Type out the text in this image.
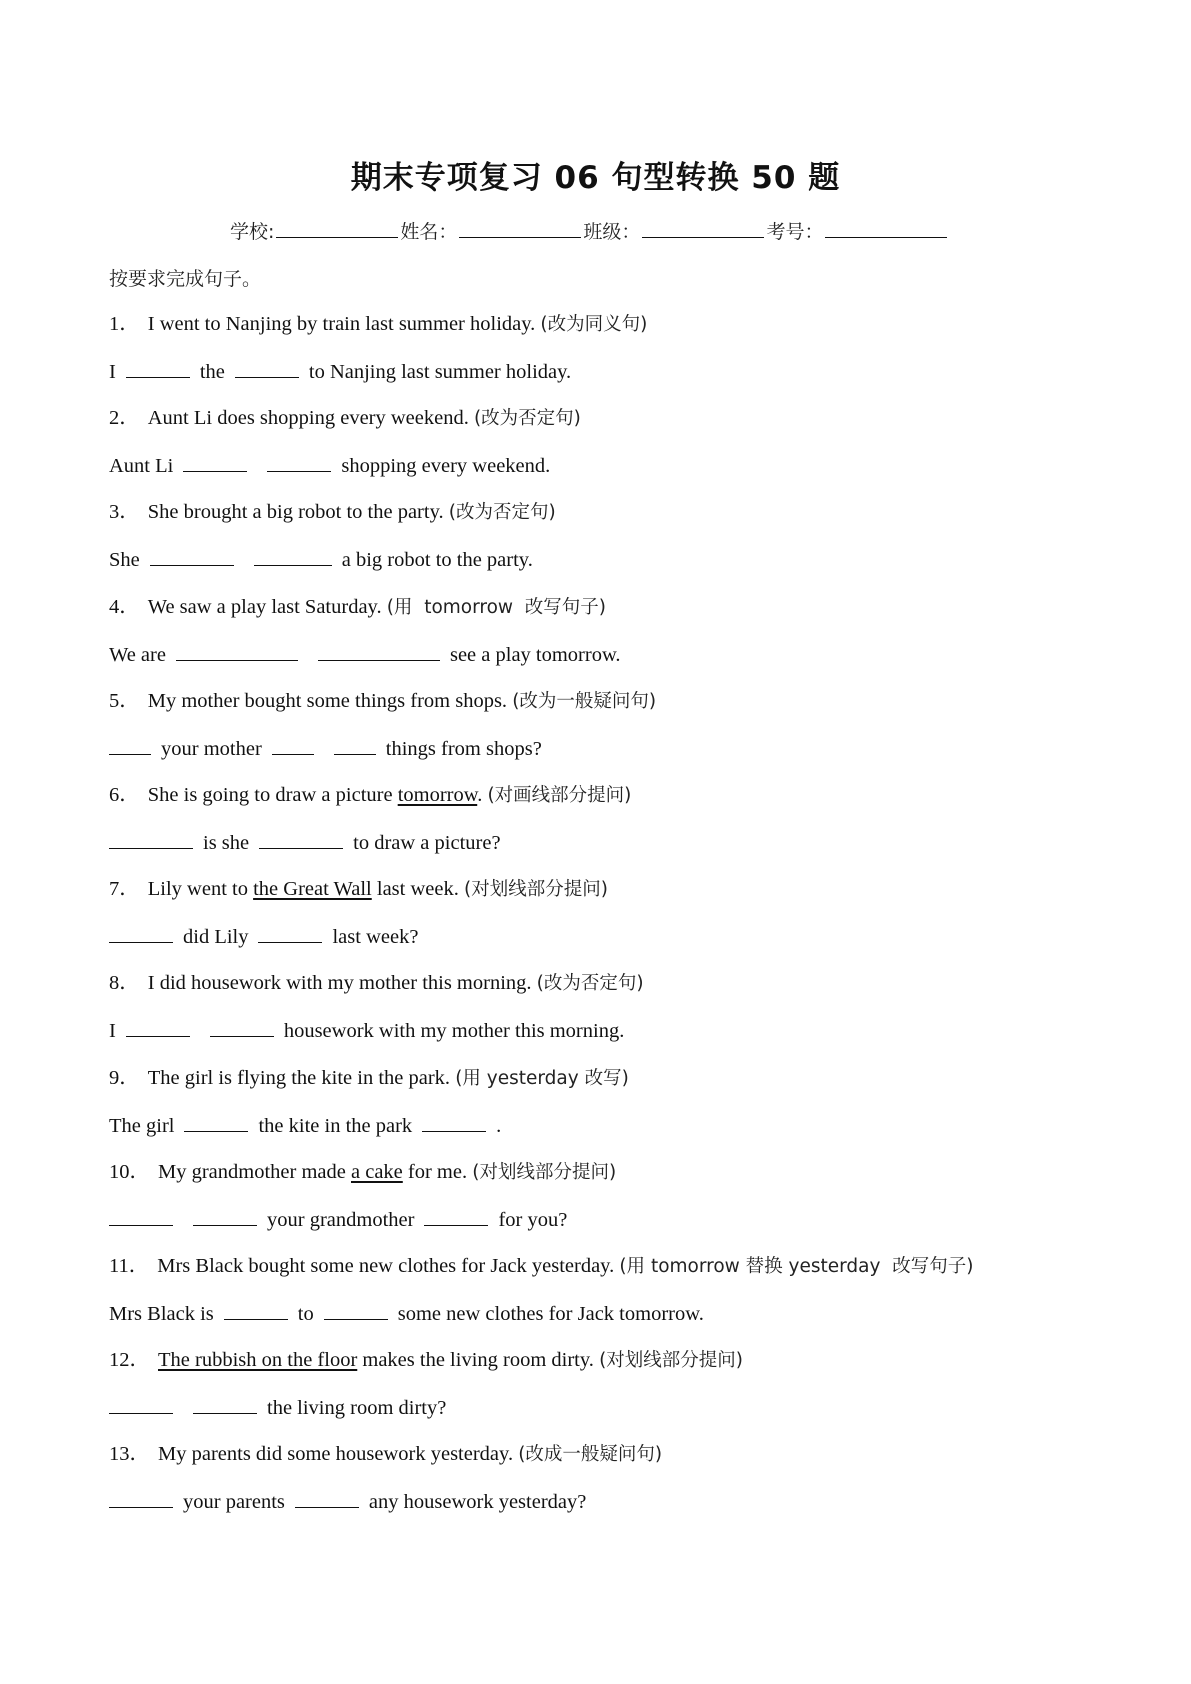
期末专项复习 06 句型转换 50 题
学校:	姓名：	班级：	考号：
按要求完成句子。
1． I went to Nanjing by train last summer holiday. (改为同义句)
I	the	to Nanjing last summer holiday.
2． Aunt Li does shopping every weekend. (改为否定句)
Aunt Li	shopping every weekend.
3． She brought a big robot to the party. (改为否定句)
She	a big robot to the party.
4． We saw a play last Saturday. (用  tomorrow  改写句子)
We are	see a play tomorrow.
5． My mother bought some things from shops. (改为一般疑问句)
your mother	things from shops?
6． She is going to draw a picture tomorrow. (对画线部分提问)
is she	to draw a picture?
7． Lily went to the Great Wall last week. (对划线部分提问)
did Lily	last week?
8． I did housework with my mother this morning. (改为否定句)
I	housework with my mother this morning.
9． The girl is flying the kite in the park. (用 yesterday 改写)
The girl	the kite in the park	.
10． My grandmother made a cake for me. (对划线部分提问)
your grandmother	for you?
11． Mrs Black bought some new clothes for Jack yesterday. (用 tomorrow 替换 yesterday  改写句子)
Mrs Black is	to	some new clothes for Jack tomorrow.
12． The rubbish on the floor makes the living room dirty. (对划线部分提问)
the living room dirty?
13． My parents did some housework yesterday. (改成一般疑问句)
your parents	any housework yesterday?
